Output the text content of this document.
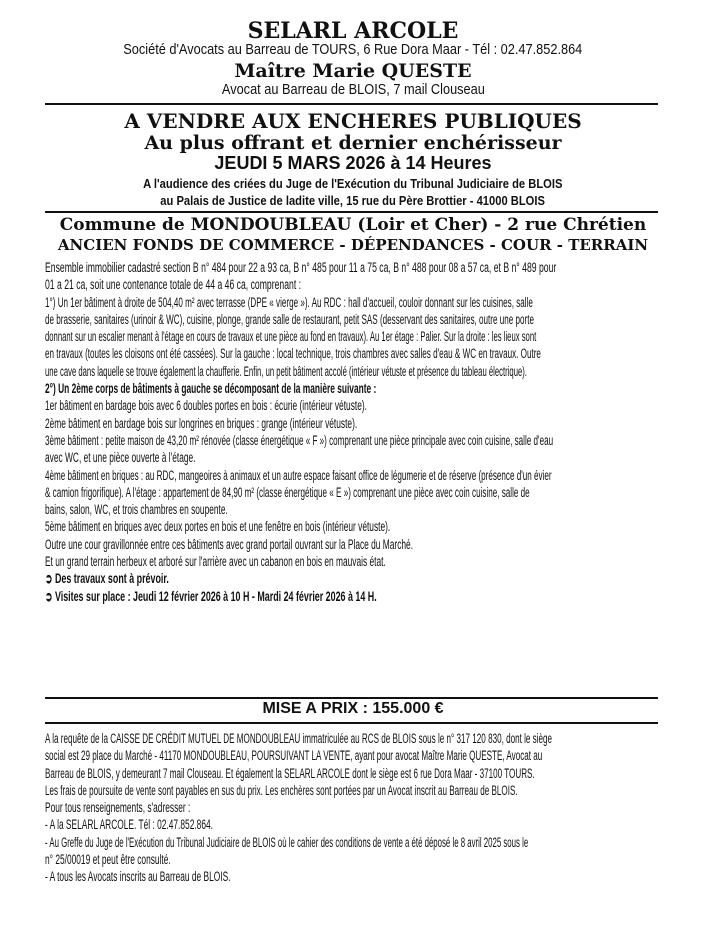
SELARL ARCOLE
Société d'Avocats au Barreau de TOURS, 6 Rue Dora Maar - Tél : 02.47.852.864
Maître Marie QUESTE
Avocat au Barreau de BLOIS, 7 mail Clouseau
A VENDRE AUX ENCHERES PUBLIQUES
Au plus offrant et dernier enchérisseur
JEUDI 5 MARS 2026 à 14 Heures
A l'audience des criées du Juge de l'Exécution du Tribunal Judiciaire de BLOIS
au Palais de Justice de ladite ville, 15 rue du Père Brottier - 41000 BLOIS
Commune de MONDOUBLEAU (Loir et Cher) - 2 rue Chrétien
ANCIEN FONDS DE COMMERCE - DÉPENDANCES - COUR - TERRAIN
Ensemble immobilier cadastré section B n° 484 pour 22 a 93 ca, B n° 485 pour 11 a 75 ca, B n° 488 pour 08 a 57 ca, et B n° 489 pour
01 a 21 ca, soit une contenance totale de 44 a 46 ca, comprenant :
1°) Un 1er bâtiment à droite de 504,40 m² avec terrasse (DPE « vierge »). Au RDC : hall d'accueil, couloir donnant sur les cuisines, salle
de brasserie, sanitaires (urinoir & WC), cuisine, plonge, grande salle de restaurant, petit SAS (desservant des sanitaires, outre une porte
donnant sur un escalier menant à l'étage en cours de travaux et une pièce au fond en travaux). Au 1er étage : Palier. Sur la droite : les lieux sont
en travaux (toutes les cloisons ont été cassées). Sur la gauche : local technique, trois chambres avec salles d'eau & WC en travaux. Outre
une cave dans laquelle se trouve également la chaufferie. Enfin, un petit bâtiment accolé (intérieur vétuste et présence du tableau électrique).
2°) Un 2ème corps de bâtiments à gauche se décomposant de la manière suivante :
1er bâtiment en bardage bois avec 6 doubles portes en bois : écurie (intérieur vétuste).
2ème bâtiment en bardage bois sur longrines en briques : grange (intérieur vétuste).
3ème bâtiment : petite maison de 43,20 m² rénovée (classe énergétique « F ») comprenant une pièce principale avec coin cuisine, salle d'eau
avec WC, et une pièce ouverte à l'étage.
4ème bâtiment en briques : au RDC, mangeoires à animaux et un autre espace faisant office de légumerie et de réserve (présence d'un évier
& camion frigorifique). A l'étage : appartement de 84,90 m² (classe énergétique « E ») comprenant une pièce avec coin cuisine, salle de
bains, salon, WC, et trois chambres en soupente.
5ème bâtiment en briques avec deux portes en bois et une fenêtre en bois (intérieur vétuste).
Outre une cour gravillonnée entre ces bâtiments avec grand portail ouvrant sur la Place du Marché.
Et un grand terrain herbeux et arboré sur l'arrière avec un cabanon en bois en mauvais état.
➲ Des travaux sont à prévoir.
➲ Visites sur place : Jeudi 12 février 2026 à 10 H - Mardi 24 février 2026 à 14 H.
MISE A PRIX : 155.000 €
A la requête de la CAISSE DE CRÉDIT MUTUEL DE MONDOUBLEAU immatriculée au RCS de BLOIS sous le n° 317 120 830, dont le siège
social est 29 place du Marché - 41170 MONDOUBLEAU, POURSUIVANT LA VENTE, ayant pour avocat Maître Marie QUESTE, Avocat au
Barreau de BLOIS, y demeurant 7 mail Clouseau. Et également la SELARL ARCOLE dont le siège est 6 rue Dora Maar - 37100 TOURS.
Les frais de poursuite de vente sont payables en sus du prix. Les enchères sont portées par un Avocat inscrit au Barreau de BLOIS.
Pour tous renseignements, s'adresser :
- A la SELARL ARCOLE. Tél : 02.47.852.864.
- Au Greffe du Juge de l'Exécution du Tribunal Judiciaire de BLOIS où le cahier des conditions de vente a été déposé le 8 avril 2025 sous le
n° 25/00019 et peut être consulté.
- A tous les Avocats inscrits au Barreau de BLOIS.
